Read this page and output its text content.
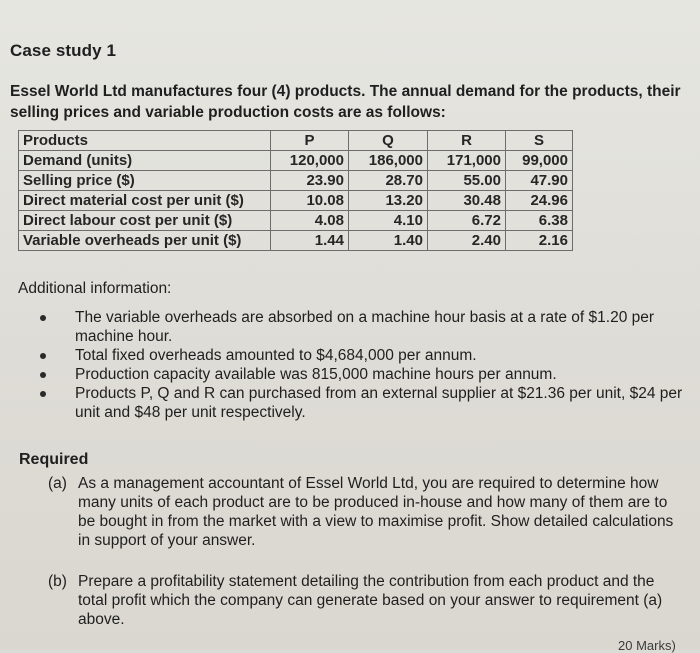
Case study 1
Essel World Ltd manufactures four (4) products. The annual demand for the products, their selling prices and variable production costs are as follows:
Products	P	Q	R	S
Demand (units)	120,000	186,000	171,000	99,000
Selling price ($)	23.90	28.70	55.00	47.90
Direct material cost per unit ($)	10.08	13.20	30.48	24.96
Direct labour cost per unit ($)	4.08	4.10	6.72	6.38
Variable overheads per unit ($)	1.44	1.40	2.40	2.16
Additional information:
The variable overheads are absorbed on a machine hour basis at a rate of $1.20 per machine hour.
Total fixed overheads amounted to $4,684,000 per annum.
Production capacity available was 815,000 machine hours per annum.
Products P, Q and R can purchased from an external supplier at $21.36 per unit, $24 per unit and $48 per unit respectively.
Required
(a) As a management accountant of Essel World Ltd, you are required to determine how many units of each product are to be produced in-house and how many of them are to be bought in from the market with a view to maximise profit. Show detailed calculations in support of your answer.
(b) Prepare a profitability statement detailing the contribution from each product and the total profit which the company can generate based on your answer to requirement (a) above.
20 Marks)
